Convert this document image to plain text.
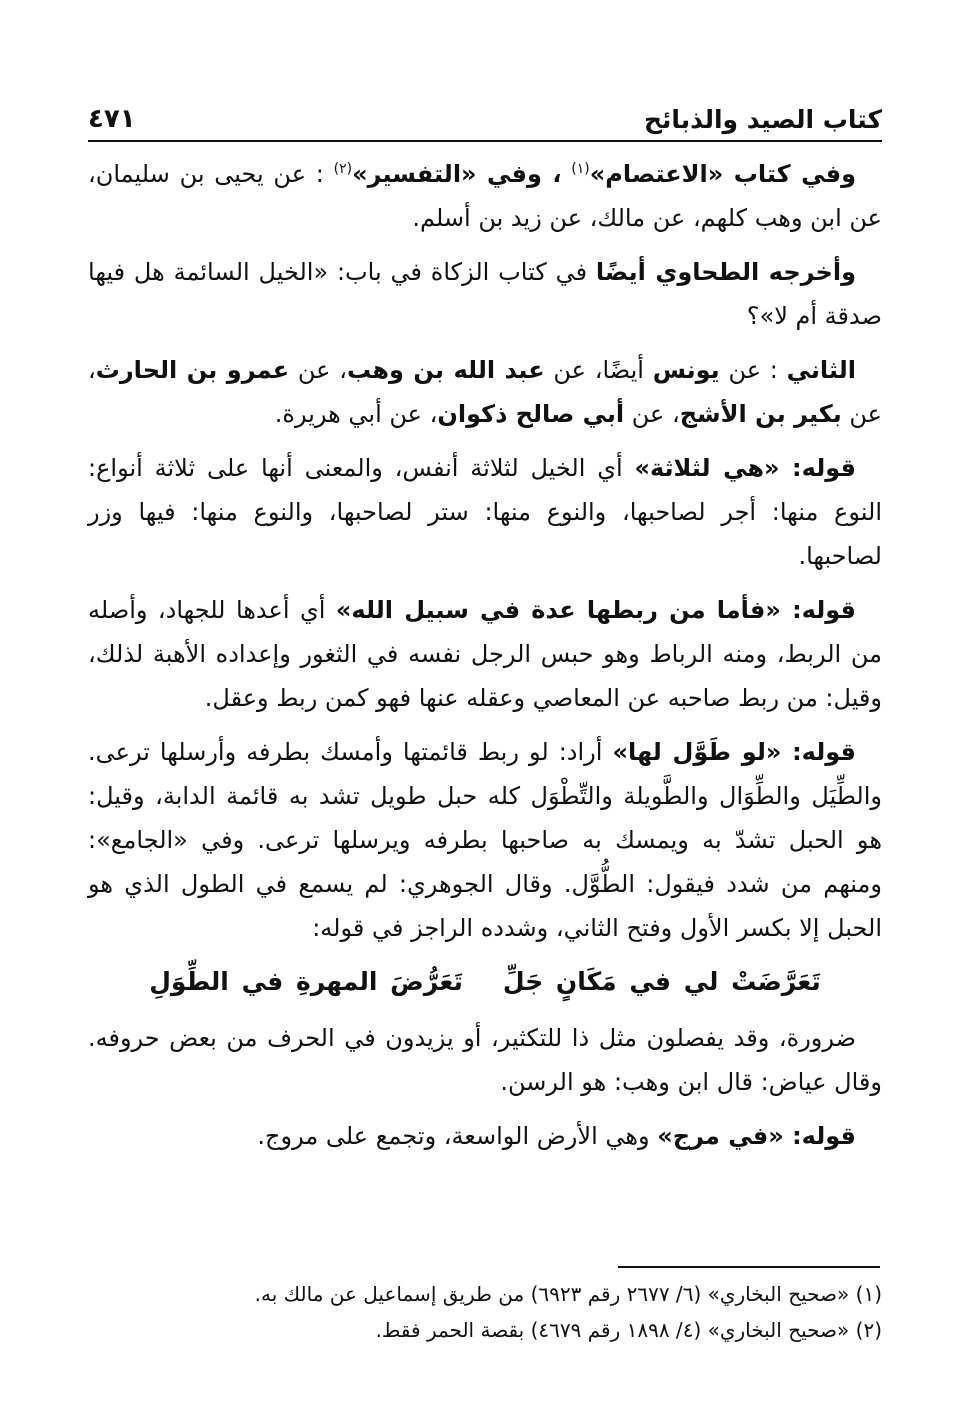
كتاب الصيد والذبائح
٤٧١

وفي كتاب «الاعتصام»$^{(١)}$ ، وفي «التفسير»$^{(٢)}$ : عن يحيى بن سليمان، عن ابن وهب كلهم، عن مالك، عن زيد بن أسلم.

وأخرجه الطحاوي أيضًا في كتاب الزكاة في باب: «الخيل السائمة هل فيها صدقة أم لا»؟

الثاني : عن يونس أيضًا، عن عبد الله بن وهب، عن عمرو بن الحارث، عن بكير بن الأشج، عن أبي صالح ذكوان، عن أبي هريرة.

قوله: «هي لثلاثة» أي الخيل لثلاثة أنفس، والمعنى أنها على ثلاثة أنواع: النوع منها: أجر لصاحبها، والنوع منها: ستر لصاحبها، والنوع منها: فيها وزر لصاحبها.

قوله: «فأما من ربطها عدة في سبيل الله» أي أعدها للجهاد، وأصله من الربط، ومنه الرباط وهو حبس الرجل نفسه في الثغور وإعداده الأهبة لذلك، وقيل: من ربط صاحبه عن المعاصي وعقله عنها فهو كمن ربط وعقل.

قوله: «لو طَوَّل لها» أراد: لو ربط قائمتها وأمسك بطرفه وأرسلها ترعى. والطِّيَل والطِّوَال والطَّويلة والتِّطْوَل كله حبل طويل تشد به قائمة الدابة، وقيل: هو الحبل تشدّ به ويمسك به صاحبها بطرفه ويرسلها ترعى. وفي «الجامع»: ومنهم من شدد فيقول: الطُّوَّل. وقال الجوهري: لم يسمع في الطول الذي هو الحبل إلا بكسر الأول وفتح الثاني، وشدده الراجز في قوله:

تَعَرَّضَتْ لي في مَكَانٍ جَلِّتَعَرُّضَ المهرةِ في الطِّوَلِ

ضرورة، وقد يفصلون مثل ذا للتكثير، أو يزيدون في الحرف من بعض حروفه. وقال عياض: قال ابن وهب: هو الرسن.

قوله: «في مرج» وهي الأرض الواسعة، وتجمع على مروج.

(١) «صحيح البخاري» (٦/ ٢٦٧٧ رقم ٦٩٢٣) من طريق إسماعيل عن مالك به.

(٢) «صحيح البخاري» (٤/ ١٨٩٨ رقم ٤٦٧٩) بقصة الحمر فقط.
